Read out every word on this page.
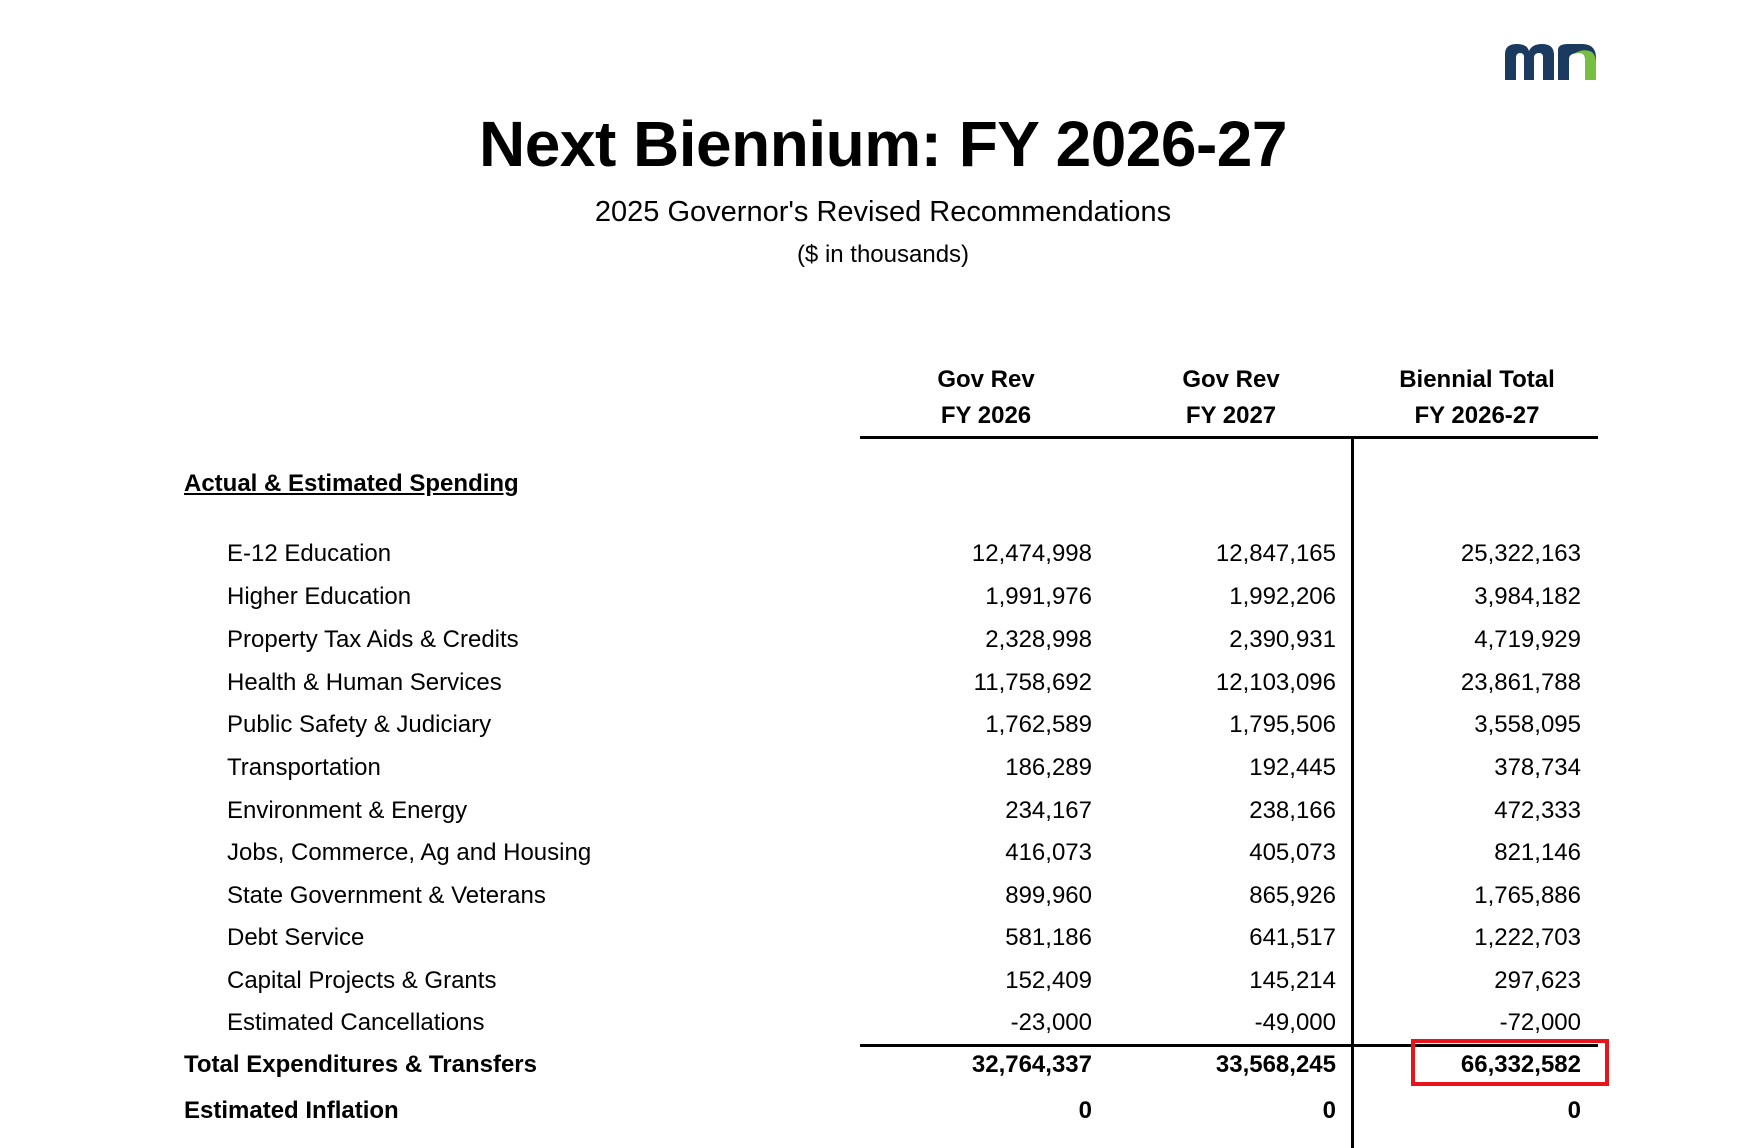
Next Biennium: FY 2026-27
2025 Governor's Revised Recommendations
($ in thousands)
Gov Rev
FY 2026
Gov Rev
FY 2027
Biennial Total
FY 2026-27
Actual & Estimated Spending
E-12 Education	12,474,998	12,847,165	25,322,163
Higher Education	1,991,976	1,992,206	3,984,182
Property Tax Aids & Credits	2,328,998	2,390,931	4,719,929
Health & Human Services	11,758,692	12,103,096	23,861,788
Public Safety & Judiciary	1,762,589	1,795,506	3,558,095
Transportation	186,289	192,445	378,734
Environment & Energy	234,167	238,166	472,333
Jobs, Commerce, Ag and Housing	416,073	405,073	821,146
State Government & Veterans	899,960	865,926	1,765,886
Debt Service	581,186	641,517	1,222,703
Capital Projects & Grants	152,409	145,214	297,623
Estimated Cancellations	-23,000	-49,000	-72,000
Total Expenditures & Transfers	32,764,337	33,568,245	66,332,582
Estimated Inflation	0	0	0
